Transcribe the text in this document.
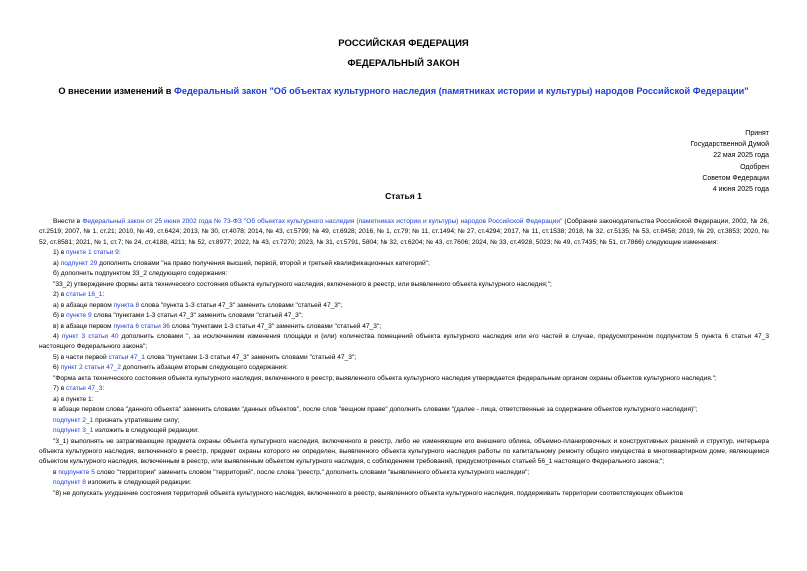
РОССИЙСКАЯ ФЕДЕРАЦИЯ
ФЕДЕРАЛЬНЫЙ ЗАКОН
О внесении изменений в Федеральный закон "Об объектах культурного наследия (памятниках истории и культуры) народов Российской Федерации"
Принят
Государственной Думой
22 мая 2025 года
Одобрен
Советом Федерации
4 июня 2025 года
Статья 1

Внести в Федеральный закон от 25 июня 2002 года № 73-ФЗ "Об объектах культурного наследия (памятниках истории и культуры) народов Российской Федерации" (Собрание законодательства Российской Федерации, 2002, № 26, ст.2519; 2007, № 1, ст.21; 2010, № 49, ст.6424; 2013, № 30, ст.4078; 2014, № 43, ст.5799; № 49, ст.6928; 2016, № 1, ст.79; № 11, ст.1494; № 27, ст.4294; 2017, № 11, ст.1538; 2018, № 32, ст.5135; № 53, ст.8458; 2019, № 29, ст.3853; 2020, № 52, ст.8581; 2021, № 1, ст.7; № 24, ст.4188, 4211; № 52, ст.8977; 2022, № 43, ст.7270; 2023, № 31, ст.5791, 5804; № 32, ст.6204; № 43, ст.7606; 2024, № 33, ст.4928, 5023; № 49, ст.7435; № 51, ст.7866) следующие изменения:

1) в пункте 1 статьи 9:

а) подпункт 29 дополнить словами "на право получения высшей, первой, второй и третьей квалификационных категорий";

б) дополнить подпунктом 33_2 следующего содержания:

"33_2) утверждение формы акта технического состояния объекта культурного наследия, включенного в реестр, или выявленного объекта культурного наследия;";

2) в статье 16_1:

а) в абзаце первом пункта 8 слова "пункта 1-3 статьи 47_3" заменить словами "статьей 47_3";

б) в пункте 9 слова "пунктами 1-3 статьи 47_3" заменить словами "статьей 47_3";

в) в абзаце первом пункта 6 статьи 36 слова "пунктами 1-3 статьи 47_3" заменить словами "статьей 47_3";

4) пункт 3 статьи 40 дополнить словами ", за исключением изменения площади и (или) количества помещений объекта культурного наследия или его частей в случае, предусмотренном подпунктом 5 пункта 6 статьи 47_3 настоящего Федерального закона";

5) в части первой статьи 47_1 слова "пунктами 1-3 статьи 47_3" заменить словами "статьей 47_3";

6) пункт 2 статьи 47_2 дополнить абзацем вторым следующего содержания:

"Форма акта технического состояния объекта культурного наследия, включенного в реестр, выявленного объекта культурного наследия утверждается федеральным органом охраны объектов культурного наследия.";

7) в статье 47_3:

а) в пункте 1:

в абзаце первом слова "данного объекта" заменить словами "данных объектов", после слов "вещном праве" дополнить словами "(далее - лица, ответственные за содержание объектов культурного наследия)";

подпункт 2_1 признать утратившим силу;

подпункт 3_1 изложить в следующей редакции:

"3_1) выполнять не затрагивающие предмета охраны объекта культурного наследия, включенного в реестр, либо не изменяющие его внешнего облика, объемно-планировочных и конструктивных решений и структур, интерьера объекта культурного наследия, включенного в реестр, предмет охраны которого не определен, выявленного объекта культурного наследия работы по капитальному ремонту общего имущества в многоквартирном доме, являющемся объектом культурного наследия, включенным в реестр, или выявленным объектом культурного наследия, с соблюдением требований, предусмотренных статьей 56_1 настоящего Федерального закона;";

в подпункте 5 слово "территории" заменить словом "территорий", после слова "реестр," дополнить словами "выявленного объекта культурного наследия";

подпункт 8 изложить в следующей редакции:

"8) не допускать ухудшение состояния территорий объекта культурного наследия, включенного в реестр, выявленного объекта культурного наследия, поддерживать территории соответствующих объектов
